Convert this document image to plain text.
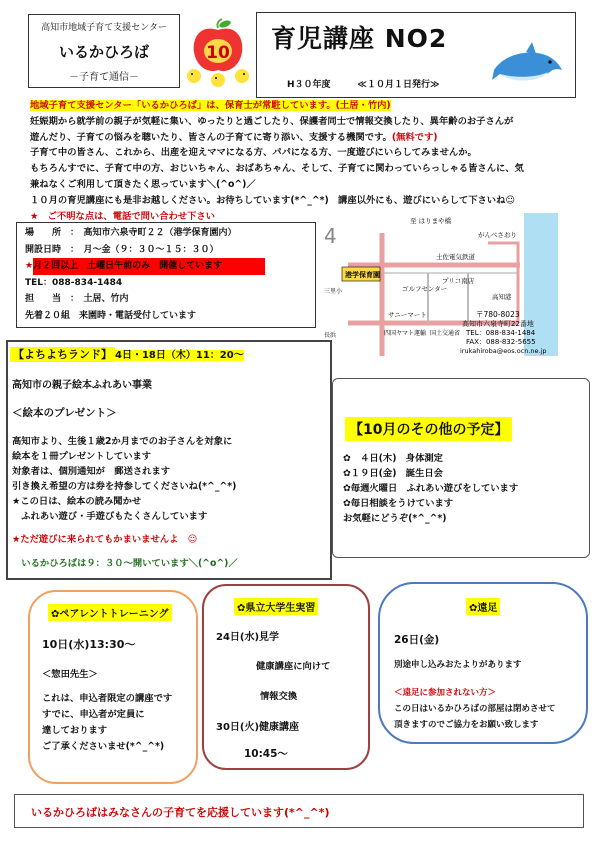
高知市地域子育て支援センター
いるかひろば
－子育て通信－
10 育児講座 NO2
H３０年度　　　≪１０月１日発行≫
地域子育て支援センター「いるかひろば」は、保育士が常駐しています。(土居・竹内)
妊娠期から就学前の親子が気軽に集い、ゆったりと過ごしたり、保護者同士で情報交換したり、異年齢のお子さんが
遊んだり、子育ての悩みを聴いたり、皆さんの子育てに寄り添い、支援する機関です。(無料です)
子育て中の皆さん、これから、出産を迎えママになる方、パパになる方、一度遊びにいらしてみませんか。
もちろんすでに、子育て中の方、おじいちゃん、おばあちゃん、そして、子育てに関わっていらっしゃる皆さんに、気
兼ねなくご利用して頂きたく思っています＼(^o^)／
１０月の育児講座にも是非お越しください。お待ちしています(*^_^*)　講座以外にも、遊びにいらして下さいね☺
★　ご不明な点は、電話で問い合わせ下さい
場　　所　：　高知市六泉寺町２２（港学保育園内）
開設日時　：　月～金（９：３０～１５：３０）
★月２回以上　土曜日午前のみ　開催しています
TEL：088-834-1484
担　　当　：　土居、竹内
先着２０組　来園時・電話受付しています
4
港学保育園
至 はりまや橋
がんべさおり
土佐電気鉄道
ゴルフセンター
プリコ南店
高知港
サニーマート
四国ヤマト運輸 国土交通省
三里小
長浜
〒780-8023
高知市六泉寺町22番地
TEL：088-834-1484
FAX：088-832-5655
irukahiroba@eos.ocn.ne.jp
【よちよちランド】 4日・18日（木）11：20～
高知市の親子絵本ふれあい事業
＜絵本のプレゼント＞
高知市より、生後１歳2か月までのお子さんを対象に
絵本を１冊プレゼントしています
対象者は、個別通知が　郵送されます
引き換え希望の方は券を持参してくださいね(*^_^*)
★この日は、絵本の読み聞かせ
　ふれあい遊び・手遊びもたくさんしています
★ただ遊びに来られてもかまいませんよ　☺
　いるかひろばは９：３０～開いています＼(^o^)／
【10月のその他の予定】
✿　４日(木)　身体測定
✿１９日(金)　誕生日会
✿毎週火曜日　ふれあい遊びをしています
✿毎日相談をうけています
お気軽にどうぞ(*^_^*)
✿ペアレントトレーニング
10日(水)13:30～
＜惣田先生＞
これは、申込者限定の講座です
すでに、申込者が定員に
達しております
ご了承くださいませ(*^_^*)
✿県立大学生実習
24日(水)見学
健康講座に向けて
情報交換
30日(火)健康講座
10:45～
✿遠足
26日(金)
別途申し込みおたよりがあります
＜遠足に参加されない方＞
この日はいるかひろばの部屋は閉めさせて
頂きますのでご協力をお願い致します
いるかひろばはみなさんの子育てを応援しています(*^_^*)
